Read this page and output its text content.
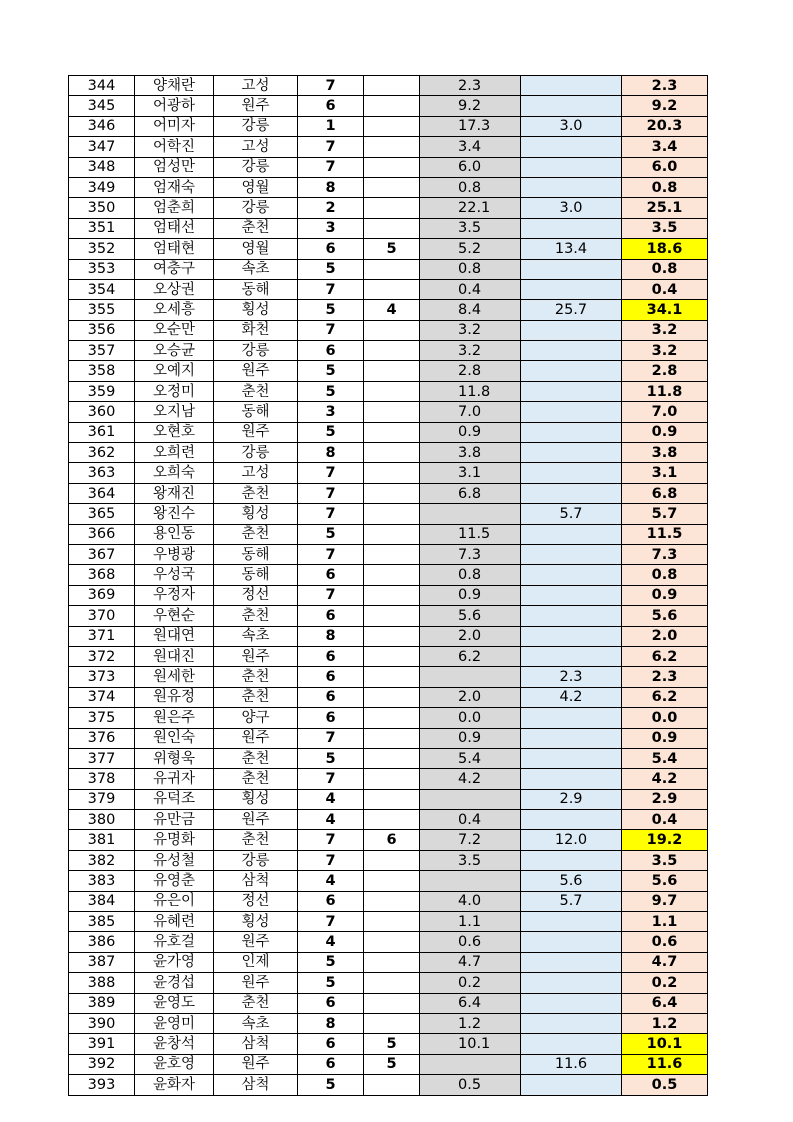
344	양채란	고성	7		2.3		2.3
345	어광하	원주	6		9.2		9.2
346	어미자	강릉	1		17.3	3.0	20.3
347	어학진	고성	7		3.4		3.4
348	엄성만	강릉	7		6.0		6.0
349	엄재숙	영월	8		0.8		0.8
350	엄춘희	강릉	2		22.1	3.0	25.1
351	엄태선	춘천	3		3.5		3.5
352	엄태현	영월	6	5	5.2	13.4	18.6
353	여충구	속초	5		0.8		0.8
354	오상권	동해	7		0.4		0.4
355	오세흥	횡성	5	4	8.4	25.7	34.1
356	오순만	화천	7		3.2		3.2
357	오승균	강릉	6		3.2		3.2
358	오예지	원주	5		2.8		2.8
359	오정미	춘천	5		11.8		11.8
360	오지남	동해	3		7.0		7.0
361	오현호	원주	5		0.9		0.9
362	오희련	강릉	8		3.8		3.8
363	오희숙	고성	7		3.1		3.1
364	왕재진	춘천	7		6.8		6.8
365	왕진수	횡성	7			5.7	5.7
366	용인동	춘천	5		11.5		11.5
367	우병광	동해	7		7.3		7.3
368	우성국	동해	6		0.8		0.8
369	우정자	정선	7		0.9		0.9
370	우현순	춘천	6		5.6		5.6
371	원대연	속초	8		2.0		2.0
372	원대진	원주	6		6.2		6.2
373	원세한	춘천	6			2.3	2.3
374	원유정	춘천	6		2.0	4.2	6.2
375	원은주	양구	6		0.0		0.0
376	원인숙	원주	7		0.9		0.9
377	위형욱	춘천	5		5.4		5.4
378	유귀자	춘천	7		4.2		4.2
379	유덕조	횡성	4			2.9	2.9
380	유만금	원주	4		0.4		0.4
381	유명화	춘천	7	6	7.2	12.0	19.2
382	유성철	강릉	7		3.5		3.5
383	유영춘	삼척	4			5.6	5.6
384	유은이	정선	6		4.0	5.7	9.7
385	유혜련	횡성	7		1.1		1.1
386	유호걸	원주	4		0.6		0.6
387	윤가영	인제	5		4.7		4.7
388	윤경섭	원주	5		0.2		0.2
389	윤영도	춘천	6		6.4		6.4
390	윤영미	속초	8		1.2		1.2
391	윤창석	삼척	6	5	10.1		10.1
392	윤호영	원주	6	5		11.6	11.6
393	윤화자	삼척	5		0.5		0.5
